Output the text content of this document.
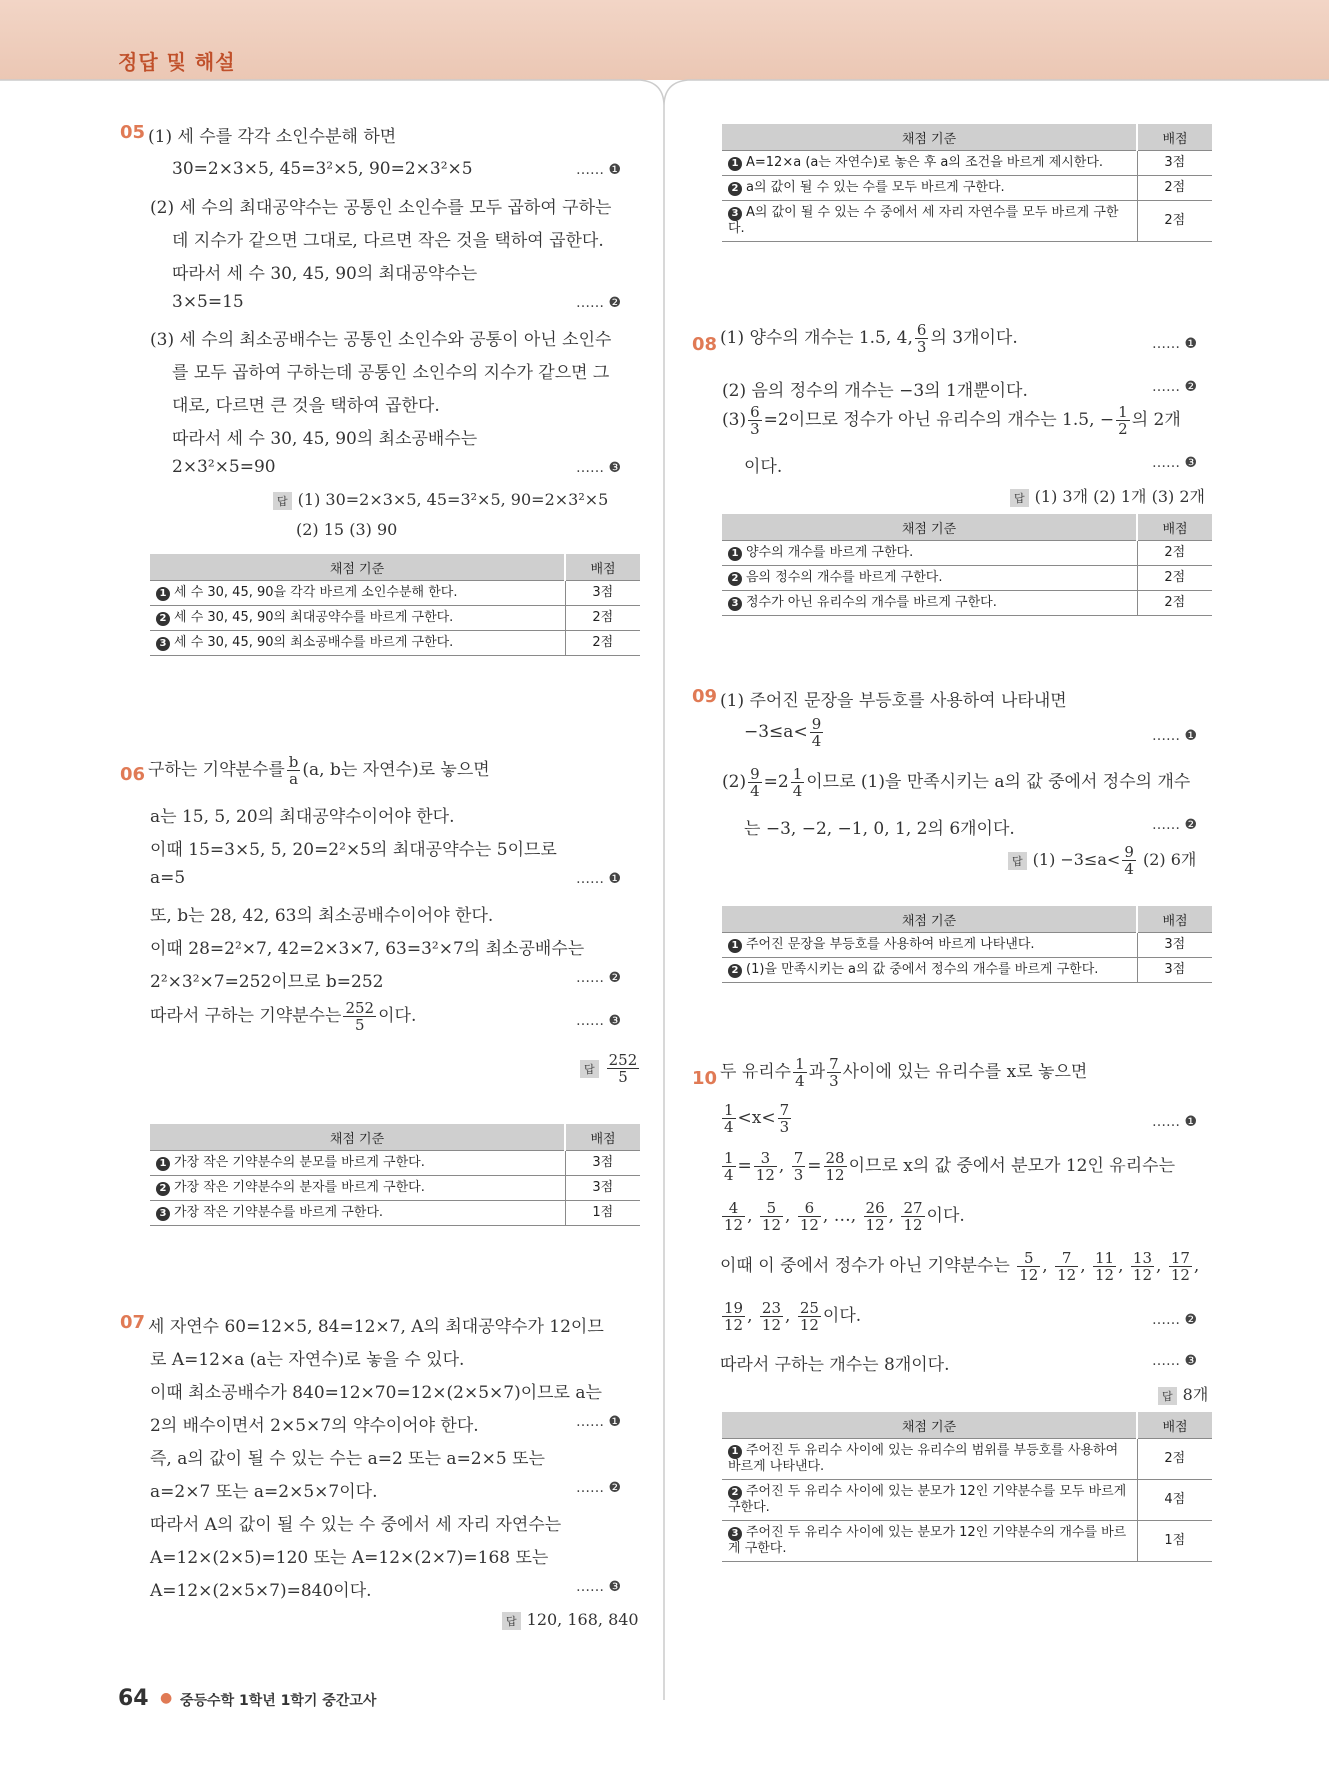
정답 및 해설
05 (1) 세 수를 각각 소인수분해 하면
30=2×3×5, 45=3²×5, 90=2×3²×5	…… ❶
(2) 세 수의 최대공약수는 공통인 소인수를 모두 곱하여 구하는
데 지수가 같으면 그대로, 다르면 작은 것을 택하여 곱한다.
따라서 세 수 30, 45, 90의 최대공약수는
3×5=15	…… ❷
(3) 세 수의 최소공배수는 공통인 소인수와 공통이 아닌 소인수
를 모두 곱하여 구하는데 공통인 소인수의 지수가 같으면 그
대로, 다르면 큰 것을 택하여 곱한다.
따라서 세 수 30, 45, 90의 최소공배수는
2×3²×5=90	…… ❸
답 (1) 30=2×3×5, 45=3²×5, 90=2×3²×5
(2) 15 (3) 90
채점 기준	배점
1 세 수 30, 45, 90을 각각 바르게 소인수분해 한다.	3점
2 세 수 30, 45, 90의 최대공약수를 바르게 구한다.	2점
3 세 수 30, 45, 90의 최소공배수를 바르게 구한다.	2점
06 구하는 기약분수를 $\frac{b}{a} (a$, b는 자연수)로 놓으면
a는 15, 5, 20의 최대공약수이어야 한다.
이때 15=3×5, 5, 20=2²×5의 최대공약수는 5이므로
a=5	…… ❶
또, b는 28, 42, 63의 최소공배수이어야 한다.
이때 28=2²×7, 42=2×3×7, 63=3²×7의 최소공배수는
2²×3²×7=252이므로 b=252	…… ❷
따라서 구하는 기약분수는 $\frac{252}{5}$ 이다.	…… ❸
답 $\frac{252}{5}$
채점 기준	배점
1 가장 작은 기약분수의 분모를 바르게 구한다.	3점
2 가장 작은 기약분수의 분자를 바르게 구한다.	3점
3 가장 작은 기약분수를 바르게 구한다.	1점
07 세 자연수 60=12×5, 84=12×7, A의 최대공약수가 12이므
로 A=12×a (a는 자연수)로 놓을 수 있다.
이때 최소공배수가 840=12×70=12×(2×5×7)이므로 a는
2의 배수이면서 2×5×7의 약수이어야 한다.	…… ❶
즉, a의 값이 될 수 있는 수는 a=2 또는 a=2×5 또는
a=2×7 또는 a=2×5×7이다.	…… ❷
따라서 A의 값이 될 수 있는 수 중에서 세 자리 자연수는
A=12×(2×5)=120 또는 A=12×(2×7)=168 또는
A=12×(2×5×7)=840이다.	…… ❸
답 120, 168, 840
채점 기준	배점
1 A=12×a (a는 자연수)로 놓은 후 a의 조건을 바르게 제시한다.	3점
2 a의 값이 될 수 있는 수를 모두 바르게 구한다.	2점
3 A의 값이 될 수 있는 수 중에서 세 자리 자연수를 모두 바르게 구한다.	2점
08 (1) 양수의 개수는 1.5, 4, $\frac{6}{3}$ 의 3개이다.	…… ❶
(2) 음의 정수의 개수는 −3의 1개뿐이다.	…… ❷
$(3) \frac{6}{3} =2$이므로 정수가 아닌 유리수의 개수는 1.5, − $\frac{1}{2}$ 의 2개
이다.	…… ❸
답 (1) 3개 (2) 1개 (3) 2개
채점 기준	배점
1 양수의 개수를 바르게 구한다.	2점
2 음의 정수의 개수를 바르게 구한다.	2점
3 정수가 아닌 유리수의 개수를 바르게 구한다.	2점
09 (1) 주어진 문장을 부등호를 사용하여 나타내면
$-3\le a< \frac{9}{4}$	…… ❶
$(2) \frac{9}{4} =2 \frac{1}{4}$ 이므로 (1)을 만족시키는 a의 값 중에서 정수의 개수
는 −3, −2, −1, 0, 1, 2의 6개이다.	…… ❷
답 $(1) -3\le a< \frac{9}{4} (2)$ 6개
채점 기준	배점
1 주어진 문장을 부등호를 사용하여 바르게 나타낸다.	3점
2 (1)을 만족시키는 a의 값 중에서 정수의 개수를 바르게 구한다.	3점
10 두 유리수 $\frac{1}{4}$ 과 $\frac{7}{3}$ 사이에 있는 유리수를 x로 놓으면
$\frac{1}{4} <x< \frac{7}{3}$	…… ❶
$\frac{1}{4} = \frac{3}{12}$ , $\frac{7}{3} = \frac{28}{12}$ 이므로 x의 값 중에서 분모가 12인 유리수는
$\frac{4}{12}$ , $\frac{5}{12}$ , $\frac{6}{12}$ , …, $\frac{26}{12}$ , $\frac{27}{12}$ 이다.
이때 이 중에서 정수가 아닌 기약분수는 $\frac{5}{12}$ , $\frac{7}{12}$ , $\frac{11}{12}$ , $\frac{13}{12}$ , $\frac{17}{12}$ ,
$\frac{19}{12}$ , $\frac{23}{12}$ , $\frac{25}{12}$ 이다.	…… ❷
따라서 구하는 개수는 8개이다.	…… ❸
답 8개
채점 기준	배점
1 주어진 두 유리수 사이에 있는 유리수의 범위를 부등호를 사용하여 바르게 나타낸다.	2점
2 주어진 두 유리수 사이에 있는 분모가 12인 기약분수를 모두 바르게 구한다.	4점
3 주어진 두 유리수 사이에 있는 분모가 12인 기약분수의 개수를 바르게 구한다.	1점
64 ● 중등수학 1학년 1학기 중간고사
